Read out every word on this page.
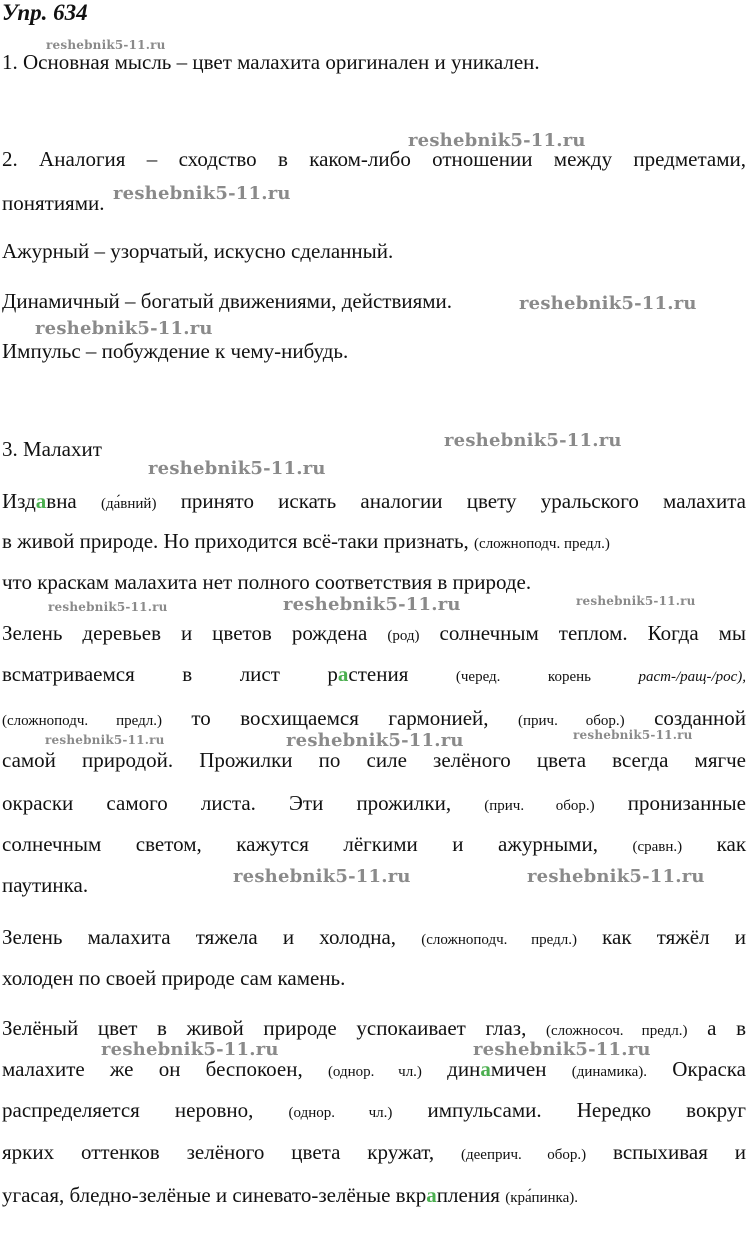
Упр. 634
1. Основная мысль – цвет малахита оригинален и уникален.
2. Аналогия – сходство в каком-либо отношении между предметами,
понятиями.
Ажурный – узорчатый, искусно сделанный.
Динамичный – богатый движениями, действиями.
Импульс – побуждение к чему-нибудь.
3. Малахит
Издавна (да́вний) принято искать аналогии цвету уральского малахита
в живой природе. Но приходится всё-таки признать, (сложноподч. предл.)
что краскам малахита нет полного соответствия в природе.
Зелень деревьев и цветов рождена (род) солнечным теплом. Когда мы
всматриваемся в лист растения	(черед.	корень	раст-/ращ-/рос),
(сложноподч. предл.) то восхищаемся гармонией, (прич. обор.) созданной
самой природой. Прожилки по силе зелёного цвета всегда мягче
окраски самого листа. Эти прожилки, (прич. обор.) пронизанные
солнечным светом, кажутся лёгкими и ажурными, (сравн.) как
паутинка.
Зелень малахита тяжела и холодна, (сложноподч. предл.) как тяжёл и
холоден по своей природе сам камень.
Зелёный цвет в живой природе успокаивает глаз, (сложносоч. предл.) а в
малахите же он беспокоен, (однор. чл.) динамичен (динамика). Окраска
распределяется неровно, (однор. чл.) импульсами. Нередко вокруг
ярких оттенков зелёного цвета кружат, (дееприч. обор.) вспыхивая и
угасая, бледно-зелёные и синевато-зелёные вкрапления (кра́пинка).
reshebnik5-11.ru
reshebnik5-11.ru
reshebnik5-11.ru
reshebnik5-11.ru
reshebnik5-11.ru
reshebnik5-11.ru
reshebnik5-11.ru
reshebnik5-11.ru	reshebnik5-11.ru	reshebnik5-11.ru
reshebnik5-11.ru	reshebnik5-11.ru	reshebnik5-11.ru
reshebnik5-11.ru	reshebnik5-11.ru
reshebnik5-11.ru	reshebnik5-11.ru
